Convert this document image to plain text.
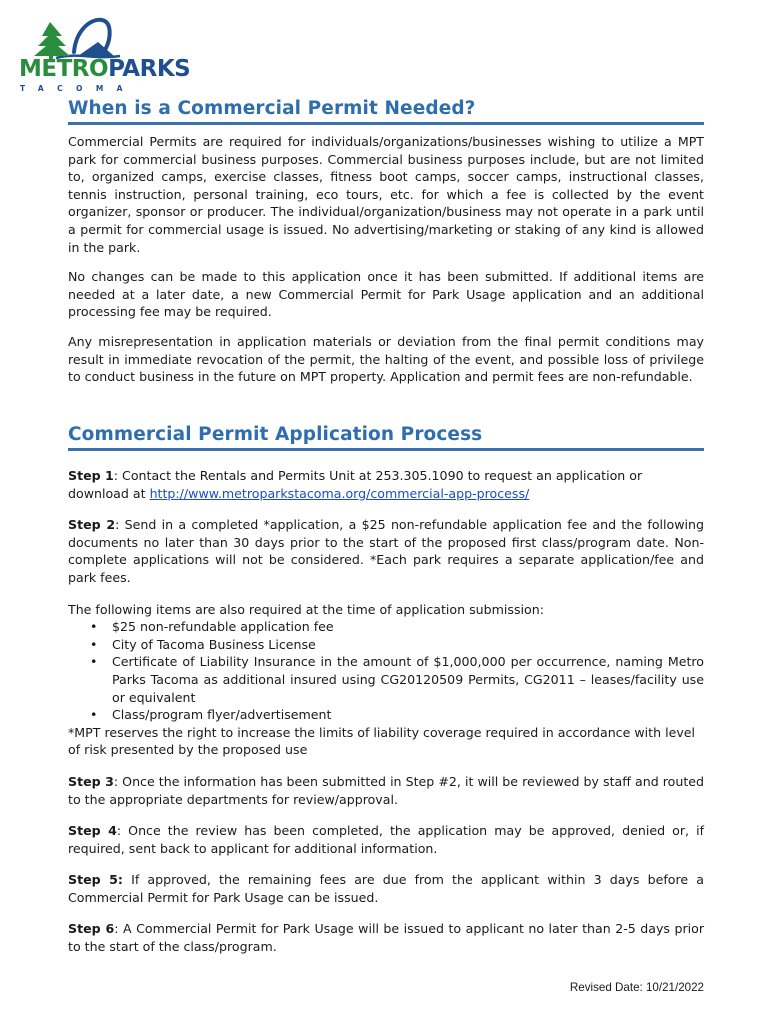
METROPARKS
TACOMA
When is a Commercial Permit Needed?

Commercial Permits are required for individuals/organizations/businesses wishing to utilize a MPT park for commercial business purposes. Commercial business purposes include, but are not limited to, organized camps, exercise classes, fitness boot camps, soccer camps, instructional classes, tennis instruction, personal training, eco tours, etc. for which a fee is collected by the event organizer, sponsor or producer. The individual/organization/business may not operate in a park until a permit for commercial usage is issued. No advertising/marketing or staking of any kind is allowed in the park.

No changes can be made to this application once it has been submitted. If additional items are needed at a later date, a new Commercial Permit for Park Usage application and an additional processing fee may be required.

Any misrepresentation in application materials or deviation from the final permit conditions may result in immediate revocation of the permit, the halting of the event, and possible loss of privilege to conduct business in the future on MPT property. Application and permit fees are non-refundable.

Commercial Permit Application Process

Step 1: Contact the Rentals and Permits Unit at 253.305.1090 to request an application or download at http://www.metroparkstacoma.org/commercial-app-process/

Step 2: Send in a completed *application, a $25 non-refundable application fee and the following documents no later than 30 days prior to the start of the proposed first class/program date. Non-complete applications will not be considered. *Each park requires a separate application/fee and park fees.

The following items are also required at the time of application submission:

• $25 non-refundable application fee
• City of Tacoma Business License
• Certificate of Liability Insurance in the amount of $1,000,000 per occurrence, naming Metro Parks Tacoma as additional insured using CG20120509 Permits, CG2011 – leases/facility use or equivalent
• Class/program flyer/advertisement

*MPT reserves the right to increase the limits of liability coverage required in accordance with level of risk presented by the proposed use

Step 3: Once the information has been submitted in Step #2, it will be reviewed by staff and routed to the appropriate departments for review/approval.

Step 4: Once the review has been completed, the application may be approved, denied or, if required, sent back to applicant for additional information.

Step 5: If approved, the remaining fees are due from the applicant within 3 days before a Commercial Permit for Park Usage can be issued.

Step 6: A Commercial Permit for Park Usage will be issued to applicant no later than 2-5 days prior to the start of the class/program.

Revised Date: 10/21/2022
